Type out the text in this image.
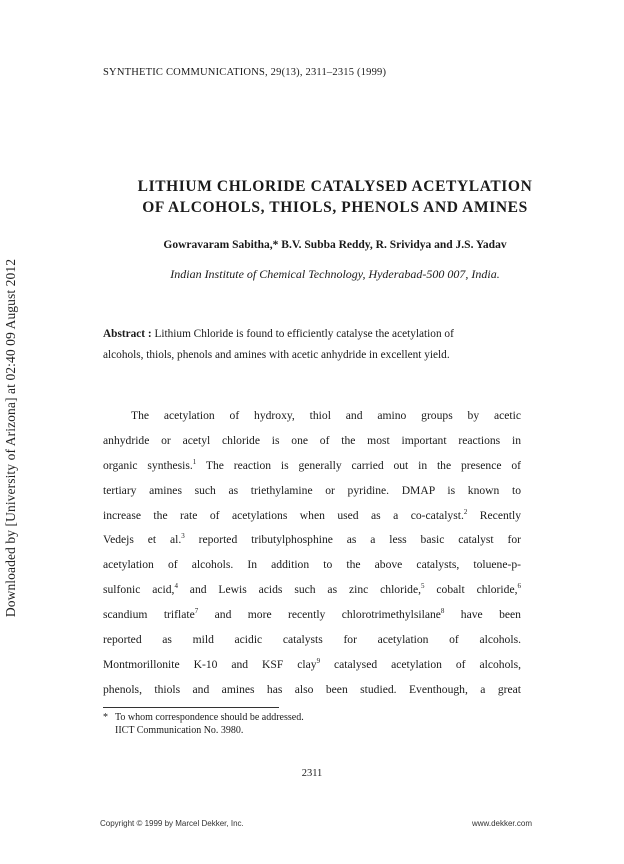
Downloaded by [University of Arizona] at 02:40 09 August 2012
SYNTHETIC COMMUNICATIONS, 29(13), 2311–2315 (1999)
LITHIUM CHLORIDE CATALYSED ACETYLATION
OF ALCOHOLS, THIOLS, PHENOLS AND AMINES
Gowravaram Sabitha,* B.V. Subba Reddy, R. Srividya and J.S. Yadav
Indian Institute of Chemical Technology, Hyderabad-500 007, India.
Abstract : Lithium Chloride is found to efficiently catalyse the acetylation of
alcohols, thiols, phenols and amines with acetic anhydride in excellent yield.
The acetylation of hydroxy, thiol and amino groups by acetic
anhydride or acetyl chloride is one of the most important reactions in
organic synthesis.$^1$ The reaction is generally carried out in the presence of
tertiary amines such as triethylamine or pyridine. DMAP is known to
increase the rate of acetylations when used as a co-catalyst.$^2$ Recently
Vedejs et al.$^3$ reported tributylphosphine as a less basic catalyst for
acetylation of alcohols. In addition to the above catalysts, toluene-p-
sulfonic acid,$^4$ and Lewis acids such as zinc chloride,$^5$ cobalt chloride,$^6$
scandium triflate$^7$ and more recently chlorotrimethylsilane$^8$ have been
reported as mild acidic catalysts for acetylation of alcohols.
Montmorillonite K-10 and KSF clay$^9$ catalysed acetylation of alcohols,
phenols, thiols and amines has also been studied. Eventhough, a great
* To whom correspondence should be addressed.
IICT Communication No. 3980.
2311
Copyright © 1999 by Marcel Dekker, Inc.	www.dekker.com
